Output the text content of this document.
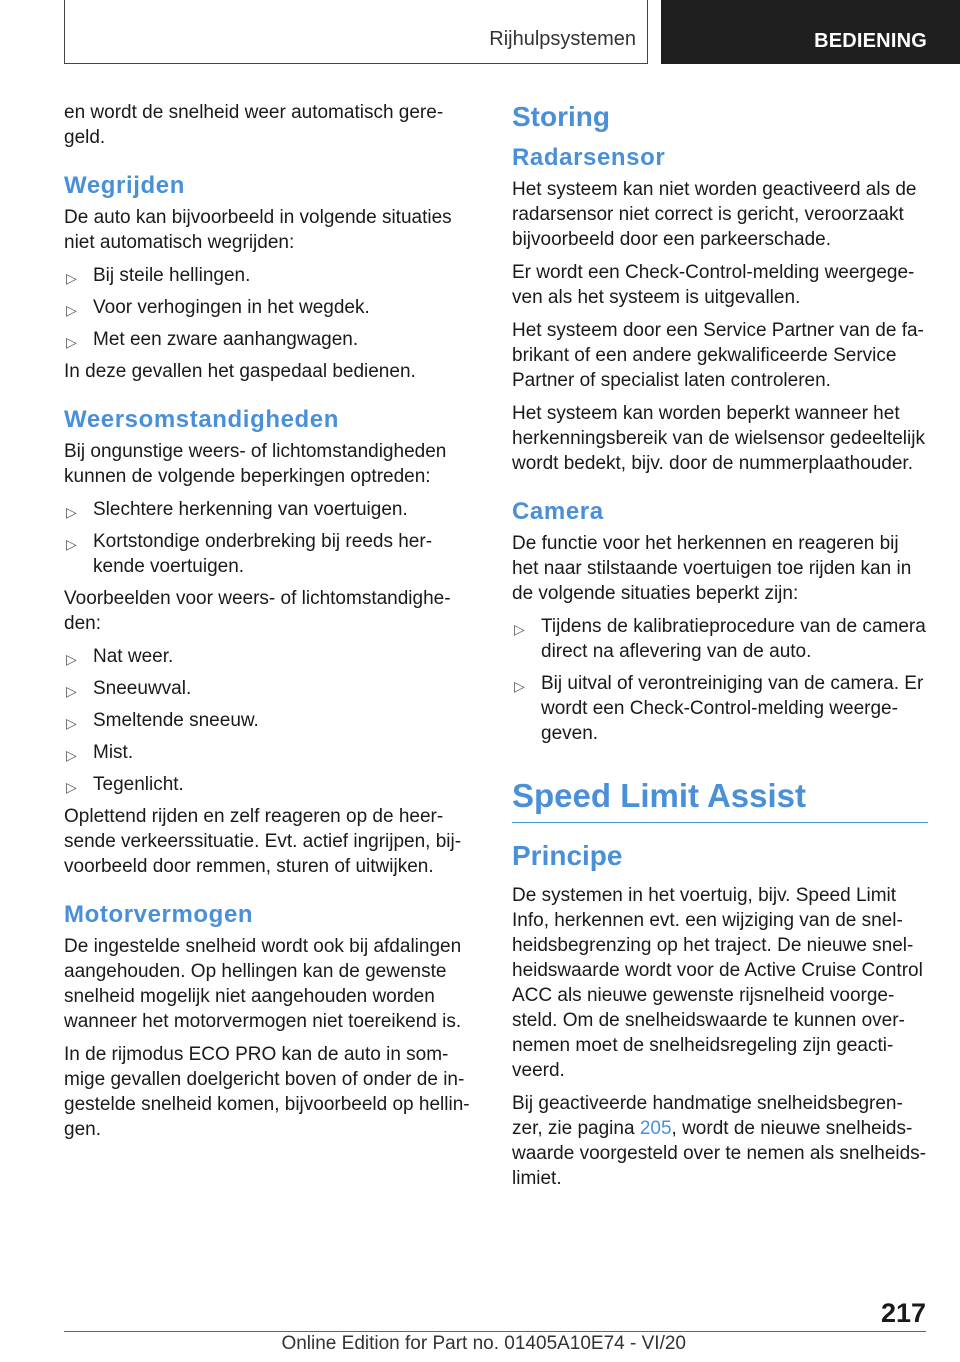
Rijhulpsystemen	BEDIENING

en wordt de snelheid weer automatisch gere-geld.

Wegrijden

De auto kan bijvoorbeeld in volgende situaties niet automatisch wegrijden:

▷ Bij steile hellingen.
▷ Voor verhogingen in het wegdek.
▷ Met een zware aanhangwagen.

In deze gevallen het gaspedaal bedienen.

Weersomstandigheden

Bij ongunstige weers- of lichtomstandigheden kunnen de volgende beperkingen optreden:

▷ Slechtere herkenning van voertuigen.
▷ Kortstondige onderbreking bij reeds her-kende voertuigen.

Voorbeelden voor weers- of lichtomstandighe-den:

▷ Nat weer.
▷ Sneeuwval.
▷ Smeltende sneeuw.
▷ Mist.
▷ Tegenlicht.

Oplettend rijden en zelf reageren op de heer-sende verkeerssituatie. Evt. actief ingrijpen, bij-voorbeeld door remmen, sturen of uitwijken.

Motorvermogen

De ingestelde snelheid wordt ook bij afdalingen aangehouden. Op hellingen kan de gewenste snelheid mogelijk niet aangehouden worden wanneer het motorvermogen niet toereikend is.

In de rijmodus ECO PRO kan de auto in som-mige gevallen doelgericht boven of onder de in-gestelde snelheid komen, bijvoorbeeld op hellin-gen.

Storing
Radarsensor

Het systeem kan niet worden geactiveerd als de radarsensor niet correct is gericht, veroorzaakt bijvoorbeeld door een parkeerschade.

Er wordt een Check-Control-melding weergege-ven als het systeem is uitgevallen.

Het systeem door een Service Partner van de fa-brikant of een andere gekwalificeerde Service Partner of specialist laten controleren.

Het systeem kan worden beperkt wanneer het herkenningsbereik van de wielsensor gedeeltelijk wordt bedekt, bijv. door de nummerplaathouder.

Camera

De functie voor het herkennen en reageren bij het naar stilstaande voertuigen toe rijden kan in de volgende situaties beperkt zijn:

▷ Tijdens de kalibratieprocedure van de camera direct na aflevering van de auto.
▷ Bij uitval of verontreiniging van de camera. Er wordt een Check-Control-melding weerge-geven.
Speed Limit Assist
Principe

De systemen in het voertuig, bijv. Speed Limit Info, herkennen evt. een wijziging van de snel-heidsbegrenzing op het traject. De nieuwe snel-heidswaarde wordt voor de Active Cruise Control ACC als nieuwe gewenste rijsnelheid voorge-steld. Om de snelheidswaarde te kunnen over-nemen moet de snelheidsregeling zijn geacti-veerd.

Bij geactiveerde handmatige snelheidsbegren-zer, zie pagina 205, wordt de nieuwe snelheids-waarde voorgesteld over te nemen als snelheids-limiet.

217
Online Edition for Part no. 01405A10E74 - VI/20
